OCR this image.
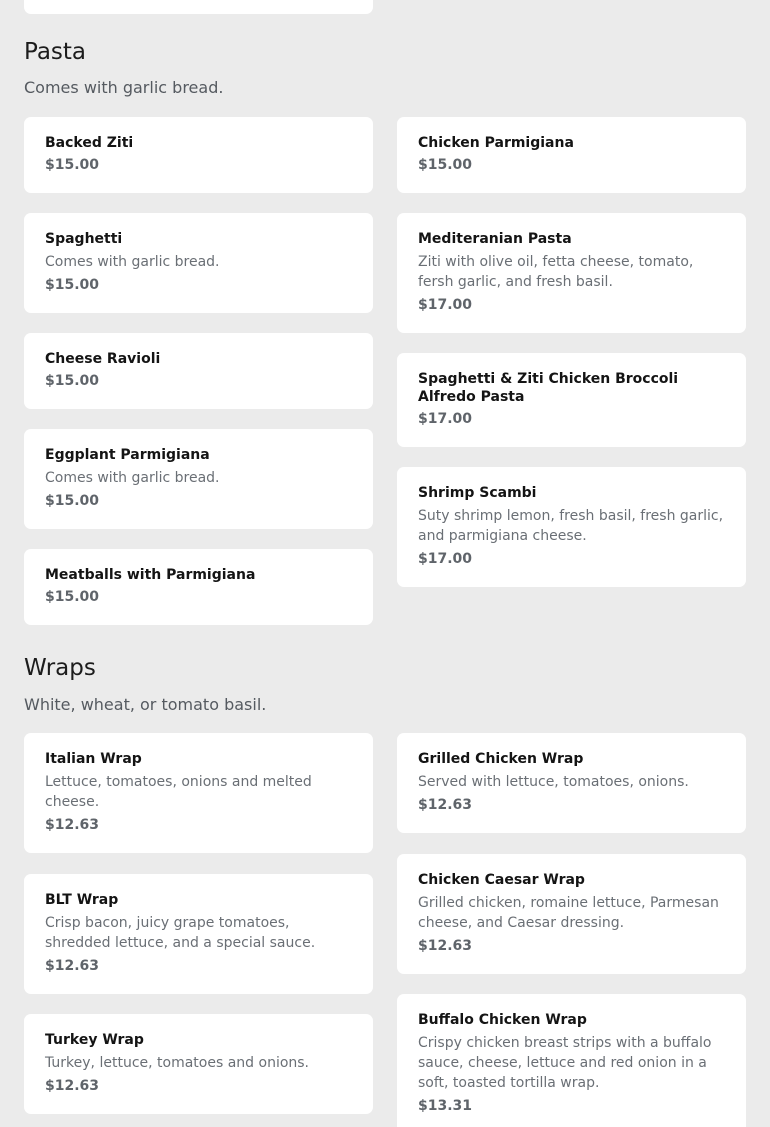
Pasta

Comes with garlic bread.

Backed Ziti

$15.00

Spaghetti

Comes with garlic bread.

$15.00

Cheese Ravioli

$15.00

Eggplant Parmigiana

Comes with garlic bread.

$15.00

Meatballs with Parmigiana

$15.00

Chicken Parmigiana

$15.00

Mediteranian Pasta

Ziti with olive oil, fetta cheese, tomato, fersh garlic, and fresh basil.

$17.00

Spaghetti & Ziti Chicken Broccoli Alfredo Pasta

$17.00

Shrimp Scambi

Suty shrimp lemon, fresh basil, fresh garlic, and parmigiana cheese.

$17.00

Wraps

White, wheat, or tomato basil.

Italian Wrap

Lettuce, tomatoes, onions and melted cheese.

$12.63

BLT Wrap

Crisp bacon, juicy grape tomatoes, shredded lettuce, and a special sauce.

$12.63

Turkey Wrap

Turkey, lettuce, tomatoes and onions.

$12.63

Grilled Chicken Wrap

Served with lettuce, tomatoes, onions.

$12.63

Chicken Caesar Wrap

Grilled chicken, romaine lettuce, Parmesan cheese, and Caesar dressing.

$12.63

Buffalo Chicken Wrap

Crispy chicken breast strips with a buffalo sauce, cheese, lettuce and red onion in a soft, toasted tortilla wrap.

$13.31
